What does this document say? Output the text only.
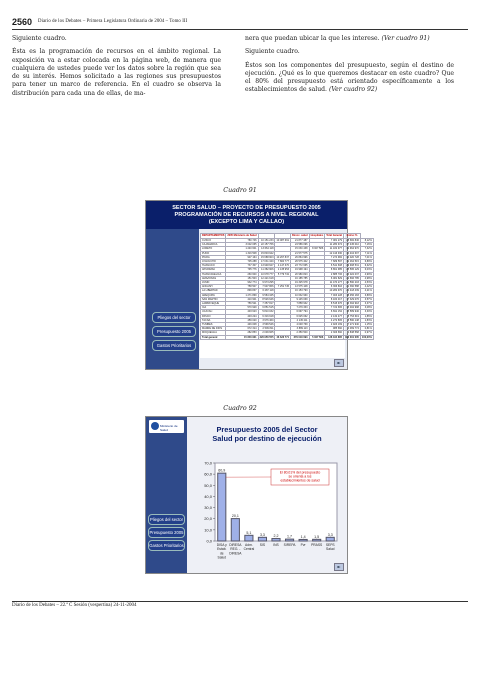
2560 Diario de los Debates – Primera Legislatura Ordinaria de 2004 – Tomo III

Siguiente cuadro.

Ésta es la programación de recursos en el ámbito regional. La exposición va a estar colocada en la página web, de manera que cualquiera de ustedes puede ver los datos sobre la región que sea de su interés. Hemos solicitado a las regiones sus presupuestos para tener un marco de referencia. En el cuadro se observa la distribución para cada una de ellas, de ma-

nera que puedan ubicar la que les interese. (Ver cuadro 91)

Siguiente cuadro.

Éstos son los componentes del presupuesto, según el destino de ejecución. ¿Qué es lo que queremos destacar en este cuadro? Que el 80% del presupuesto está orientado específicamente a los establecimientos de salud. (Ver cuadro 92)

Cuadro 91
SECTOR SALUD – PROYECTO DE PRESUPUESTO 2005
PROGRAMACIÓN DE RECURSOS A NIVEL REGIONAL
(EXCEPTO LIMA Y CALLAO)
Pliegos del sector
Presupuesto 2005
Gastos Prioritarios
DEPARTAMENTOS	2005 Ministerio de Salud			Direcc. salud	Hospitales	Total General	Estruc %	
CUSCO	780 746	10 151 233	10 087 691	21 877 487		7 081 279	28 682 846	8,12%
CAJAMARCA	3 002 065	22 157 766		24 586 096		11 280 974	37 445 010	7,16%
LORETO	1 240 601	13 664 118		15 030 438	8 307 586	11 182 977	32 964 970	7,32%
PUNO	1 316 508	15 803 942		21 577 575		12 416 930	34 404 607	7,11%
PIURA	907 164	15 688 903	10 267 837	26 864 996		7 274 982	34 020 728	7,01%
AYACUCHO	705 288	17 031 340	7 800 777	26 575 402		7 689 597	32 064 515	6,89%
HUANUCO	737 307	13 948 627	4 147 370	23 772 665		6 541 608	29 908 531	6,32%
APURIMAC	795 776	11 382 906	1 135 953	19 998 194		8 861 985	25 595 129	6,03%
HUANCAVELICA	260 600	10 678 777	5 779 732	20 980 823		2 885 706	23 022 037	4,99%
AMAZONAS	151 503	12 421 618		16 185 785		6 081 829	22 666 785	4,98%
JUNIN	932 774	9 973 295		19 325 978		11 470 277	21 590 203	4,53%
ANCASH	758 507	7 907 866	7 251 745	13 575 108		6 366 816	21 360 588	4,42%
LA LIBERTAD	899 837	6 287 118		16 153 793		10 282 970	20 418 439	4,21%
AREQUIPA	1 271 869	9 584 345		10 632 960		7 003 228	18 456 183	3,89%
SAN MARTIN	410 901	8 526 646		9 145 069		8 184 017	17 329 076	3,57%
LAMBAYEQUE	756 521	7 357 817		7 858 932		8 515 976	16 394 918	3,37%
ICA	570 929	6 851 515		7 279 333		7 722 665	15 002 998	3,08%
UCAYALI	403 623	5 810 032		6 697 794		6 691 152	15 589 946	3,30%
PASCO	403 224	6 316 918		6 625 062		2 132 477	8 753 619	1,86%
TACNA	459 020	3 976 460		4 145 211		4 272 805	8 590 148	1,83%
TUMBES	446 008	3 599 546		4 048 769		2 923 169	7 271 940	1,15%
MADRE DE DIOS	672 314	2 509 811		3 889 113		985 660	4 069 774	0,81%
MOQUEGUA	282 853	2 009 665		2 350 500		2 306 660	4 838 568	0,97%
Total general	15 846 901	226 956 555	46 626 771	379 018 693	5 307 586	128 184 885	493 301 005	100,00%
►
Cuadro 92
Ministerio de Salud
Pliegos del sector
Presupuesto 2005
Gastos Prioritarios
Presupuesto 2005 del Sector
Salud por destino de ejecución
0,0
10,0
20,0
30,0
40,0
50,0
60,0
70,0
60,9
DISA y Estab. de Salud
20,1
DIRESA REG. -DIRESA
5,1
Adm. Central
3,3
SIS
2,2
INS
1,7
SIREPA
1,4
Pvr
1,5
PRASS
3,3
SEPS Salud
El 80,01% del presupuesto se orienta a los establecimientos de salud
►
Diario de los Debates – 22.ª C Sesión (vespertina) 24-11-2004
